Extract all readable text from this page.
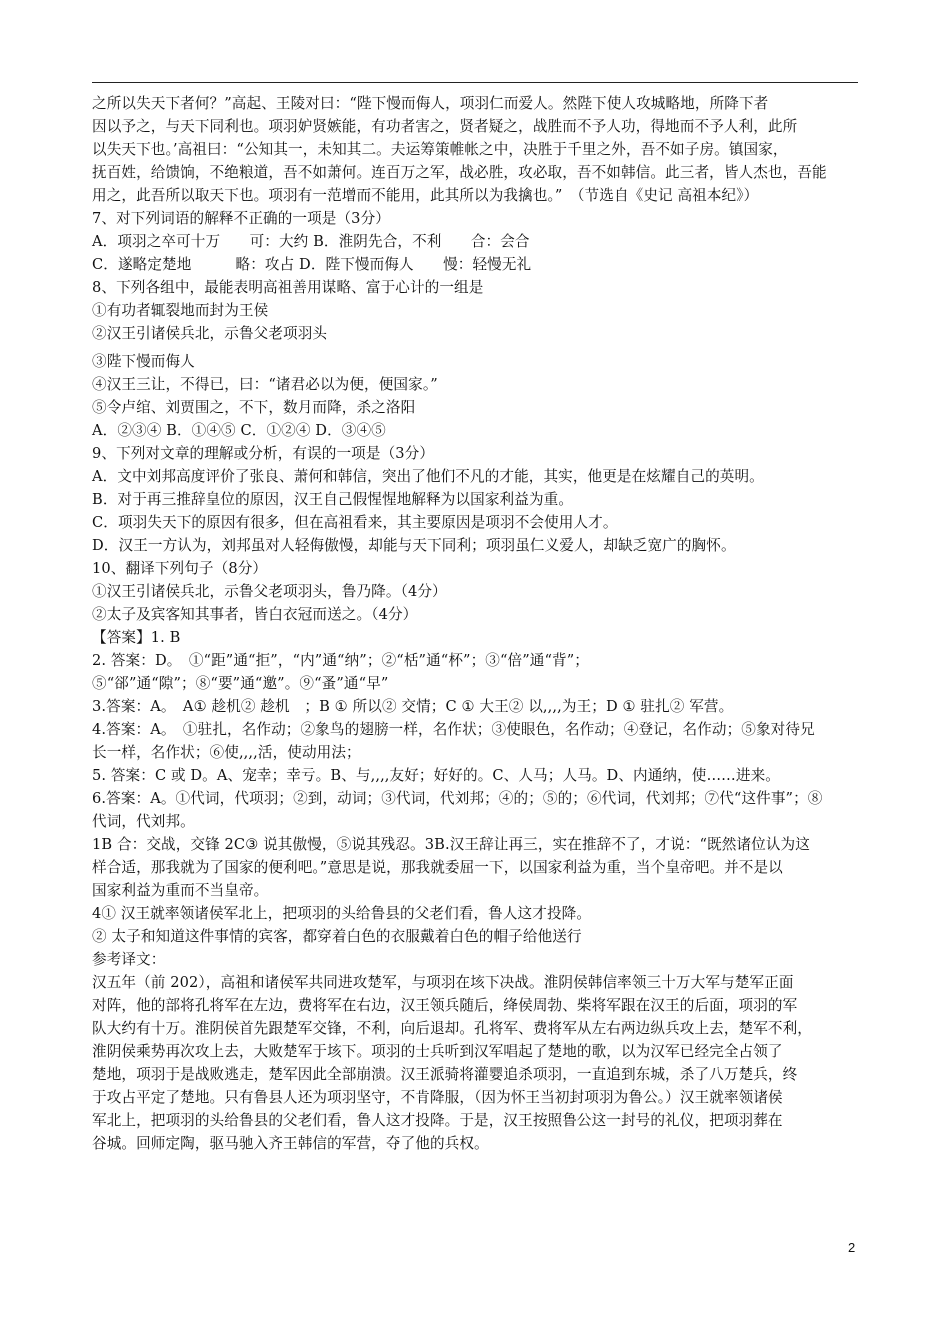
之所以失天下者何？”高起、王陵对曰：“陛下慢而侮人，项羽仁而爱人。然陛下使人攻城略地，所降下者
因以予之，与天下同利也。项羽妒贤嫉能，有功者害之，贤者疑之，战胜而不予人功，得地而不予人利，此所
以失天下也。’高祖曰：“公知其一，未知其二。夫运筹策帷帐之中，决胜于千里之外，吾不如子房。镇国家，
抚百姓，给馈饷，不绝粮道，吾不如萧何。连百万之军，战必胜，攻必取，吾不如韩信。此三者，皆人杰也，吾能
用之，此吾所以取天下也。项羽有一范增而不能用，此其所以为我擒也。”　（节选自《史记 高祖本纪》）
7、对下列词语的解释不正确的一项是（3分）
A．项羽之卒可十万　　可：大约 B．淮阴先合，不利　　合：会合
C．遂略定楚地　　　略：攻占 D．陛下慢而侮人　　慢：轻慢无礼
8、下列各组中，最能表明高祖善用谋略、富于心计的一组是
①有功者辄裂地而封为王侯
②汉王引诸侯兵北，示鲁父老项羽头
③陛下慢而侮人
④汉王三让，不得已，曰：“诸君必以为便，便国家。”
⑤令卢绾、刘贾围之，不下，数月而降，杀之洛阳
A．②③④ B．①④⑤ C．①②④ D．③④⑤
9、下列对文章的理解或分析，有误的一项是（3分）
A．文中刘邦高度评价了张良、萧何和韩信，突出了他们不凡的才能，其实，他更是在炫耀自己的英明。
B．对于再三推辞皇位的原因，汉王自己假惺惺地解释为以国家利益为重。
C．项羽失天下的原因有很多，但在高祖看来，其主要原因是项羽不会使用人才。
D．汉王一方认为，刘邦虽对人轻侮傲慢，却能与天下同利；项羽虽仁义爱人，却缺乏宽广的胸怀。
10、翻译下列句子（8分）
①汉王引诸侯兵北，示鲁父老项羽头，鲁乃降。（4分）
②太子及宾客知其事者，皆白衣冠而送之。（4分）
【答案】1. B
2. 答案：D。　①“距”通“拒”，“内”通“纳”；②“栝”通“杯”；③“倍”通“背”；
⑤“郤”通“隙”；⑧“要”通“邀”。⑨“蚤”通“早”
3.答案：A。　A① 趁机② 趁机　；B ① 所以② 交情；C ① 大王② 以,,,,为王；D ① 驻扎② 军营。
4.答案：A。　①驻扎，名作动；②象鸟的翅膀一样，名作状；③使眼色，名作动；④登记，名作动；⑤象对待兄
长一样，名作状；⑥使,,,,活，使动用法；
5. 答案：C 或 D。A、宠幸；幸亏。B、与,,,,友好；好好的。C、人马；人马。D、内通纳，使……进来。
6.答案：A。①代词，代项羽；②到，动词；③代词，代刘邦；④的；⑤的；⑥代词，代刘邦；⑦代“这件事”；⑧
代词，代刘邦。
1B 合：交战，交锋 2C③ 说其傲慢，⑤说其残忍。3B.汉王辞让再三，实在推辞不了，才说：“既然诸位认为这
样合适，那我就为了国家的便利吧。”意思是说，那我就委屈一下，以国家利益为重，当个皇帝吧。并不是以
国家利益为重而不当皇帝。
4① 汉王就率领诸侯军北上，把项羽的头给鲁县的父老们看，鲁人这才投降。
② 太子和知道这件事情的宾客，都穿着白色的衣服戴着白色的帽子给他送行
参考译文：
汉五年（前 202），高祖和诸侯军共同进攻楚军，与项羽在垓下决战。淮阴侯韩信率领三十万大军与楚军正面
对阵，他的部将孔将军在左边，费将军在右边，汉王领兵随后，绛侯周勃、柴将军跟在汉王的后面，项羽的军
队大约有十万。淮阴侯首先跟楚军交锋，不利，向后退却。孔将军、费将军从左右两边纵兵攻上去，楚军不利，
淮阴侯乘势再次攻上去，大败楚军于垓下。项羽的士兵听到汉军唱起了楚地的歌，以为汉军已经完全占领了
楚地，项羽于是战败逃走，楚军因此全部崩溃。汉王派骑将灌婴追杀项羽，一直追到东城，杀了八万楚兵，终
于攻占平定了楚地。只有鲁县人还为项羽坚守，不肯降服，（因为怀王当初封项羽为鲁公。）汉王就率领诸侯
军北上，把项羽的头给鲁县的父老们看，鲁人这才投降。于是，汉王按照鲁公这一封号的礼仪，把项羽葬在
谷城。回师定陶，驱马驰入齐王韩信的军营，夺了他的兵权。
2
